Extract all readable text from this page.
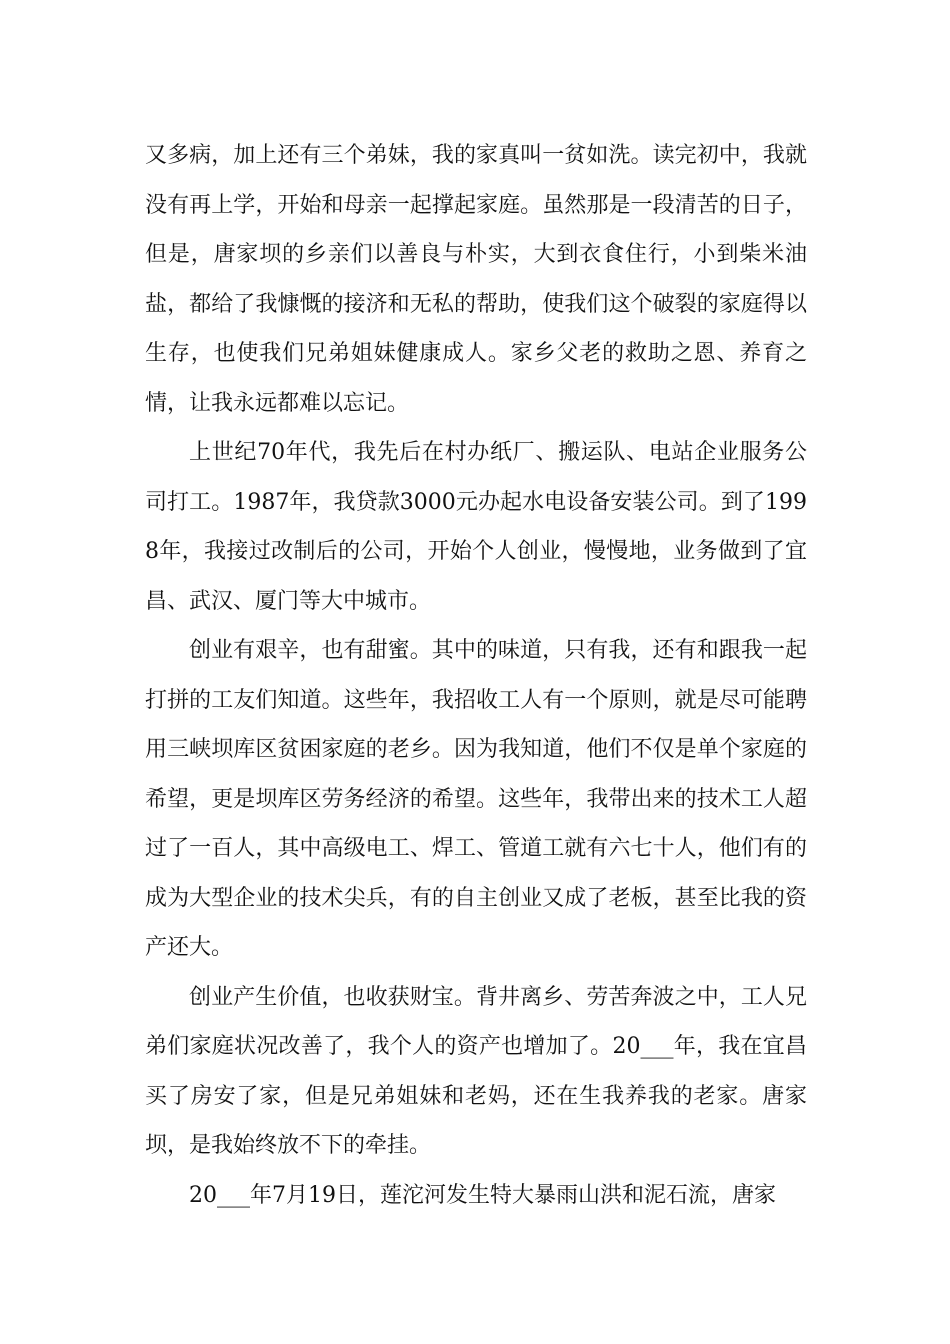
又多病，加上还有三个弟妹，我的家真叫一贫如洗。读完初中，我就没有再上学，开始和母亲一起撑起家庭。虽然那是一段清苦的日子，但是，唐家坝的乡亲们以善良与朴实，大到衣食住行，小到柴米油盐，都给了我慷慨的接济和无私的帮助，使我们这个破裂的家庭得以生存，也使我们兄弟姐妹健康成人。家乡父老的救助之恩、养育之情，让我永远都难以忘记。

上世纪70年代，我先后在村办纸厂、搬运队、电站企业服务公司打工。1987年，我贷款3000元办起水电设备安装公司。到了1998年，我接过改制后的公司，开始个人创业，慢慢地，业务做到了宜昌、武汉、厦门等大中城市。

创业有艰辛，也有甜蜜。其中的味道，只有我，还有和跟我一起打拼的工友们知道。这些年，我招收工人有一个原则，就是尽可能聘用三峡坝库区贫困家庭的老乡。因为我知道，他们不仅是单个家庭的希望，更是坝库区劳务经济的希望。这些年，我带出来的技术工人超过了一百人，其中高级电工、焊工、管道工就有六七十人，他们有的成为大型企业的技术尖兵，有的自主创业又成了老板，甚至比我的资产还大。

创业产生价值，也收获财宝。背井离乡、劳苦奔波之中，工人兄弟们家庭状况改善了，我个人的资产也增加了。20___年，我在宜昌买了房安了家，但是兄弟姐妹和老妈，还在生我养我的老家。唐家坝，是我始终放不下的牵挂。

20___年7月19日，莲沱河发生特大暴雨山洪和泥石流，唐家
